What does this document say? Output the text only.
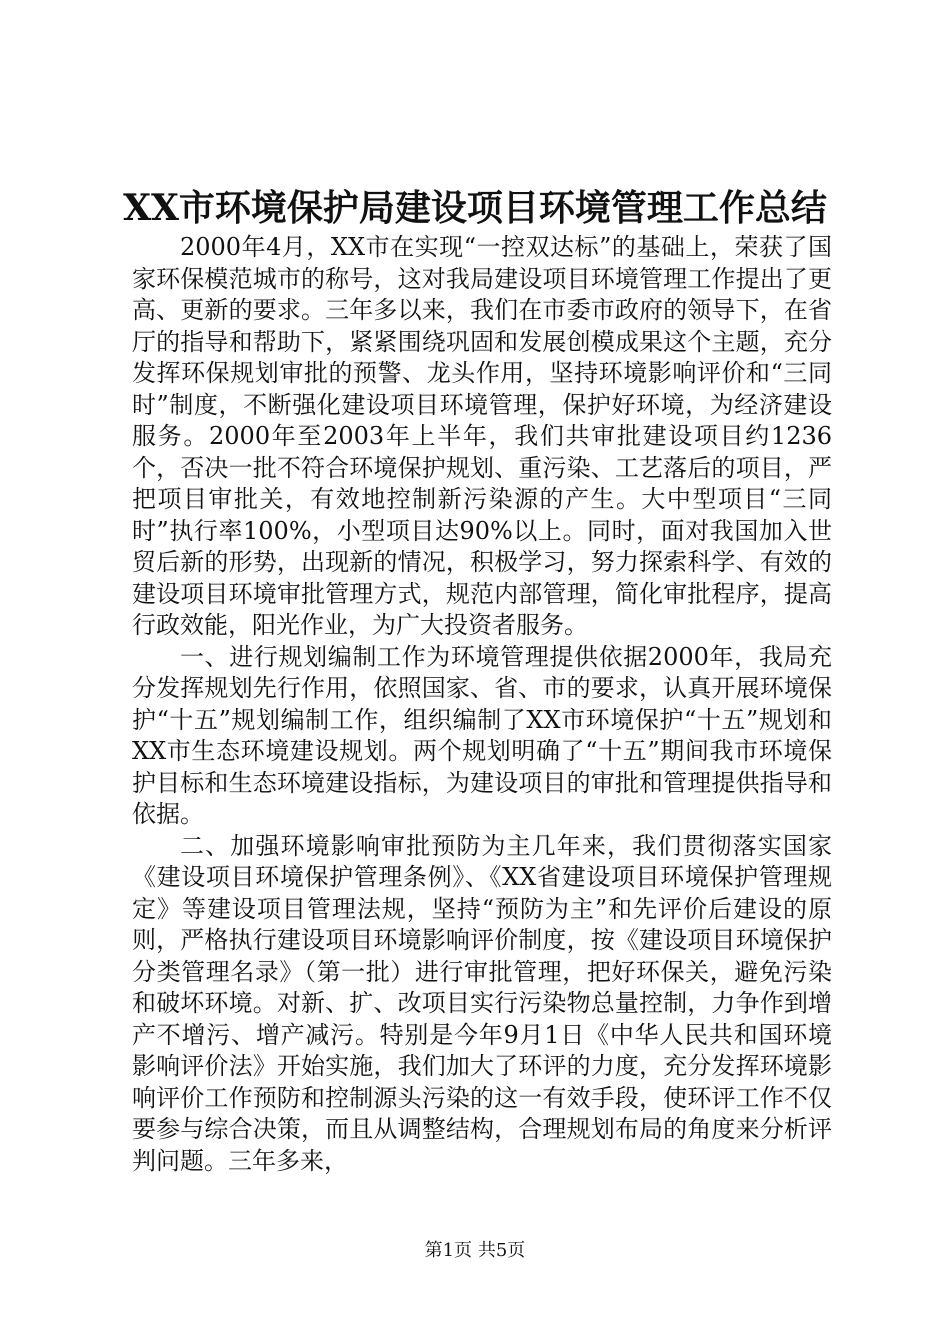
XX市环境保护局建设项目环境管理工作总结

2000年4月，XX市在实现“一控双达标”的基础上，荣获了国家环保模范城市的称号，这对我局建设项目环境管理工作提出了更高、更新的要求。三年多以来，我们在市委市政府的领导下，在省厅的指导和帮助下，紧紧围绕巩固和发展创模成果这个主题，充分发挥环保规划审批的预警、龙头作用，坚持环境影响评价和“三同时”制度，不断强化建设项目环境管理，保护好环境，为经济建设服务。2000年至2003年上半年，我们共审批建设项目约1236个，否决一批不符合环境保护规划、重污染、工艺落后的项目，严把项目审批关，有效地控制新污染源的产生。大中型项目“三同时”执行率100%，小型项目达90%以上。同时，面对我国加入世贸后新的形势，出现新的情况，积极学习，努力探索科学、有效的建设项目环境审批管理方式，规范内部管理，简化审批程序，提高行政效能，阳光作业，为广大投资者服务。

一、进行规划编制工作为环境管理提供依据2000年，我局充分发挥规划先行作用，依照国家、省、市的要求，认真开展环境保护“十五”规划编制工作，组织编制了XX市环境保护“十五”规划和XX市生态环境建设规划。两个规划明确了“十五”期间我市环境保护目标和生态环境建设指标，为建设项目的审批和管理提供指导和依据。

二、加强环境影响审批预防为主几年来，我们贯彻落实国家《建设项目环境保护管理条例》、《XX省建设项目环境保护管理规定》等建设项目管理法规，坚持“预防为主”和先评价后建设的原则，严格执行建设项目环境影响评价制度，按《建设项目环境保护分类管理名录》（第一批）进行审批管理，把好环保关，避免污染和破坏环境。对新、扩、改项目实行污染物总量控制，力争作到增产不增污、增产减污。特别是今年9月1日《中华人民共和国环境影响评价法》开始实施，我们加大了环评的力度，充分发挥环境影响评价工作预防和控制源头污染的这一有效手段，使环评工作不仅要参与综合决策，而且从调整结构，合理规划布局的角度来分析评判问题。三年多来，

第1页 共5页
